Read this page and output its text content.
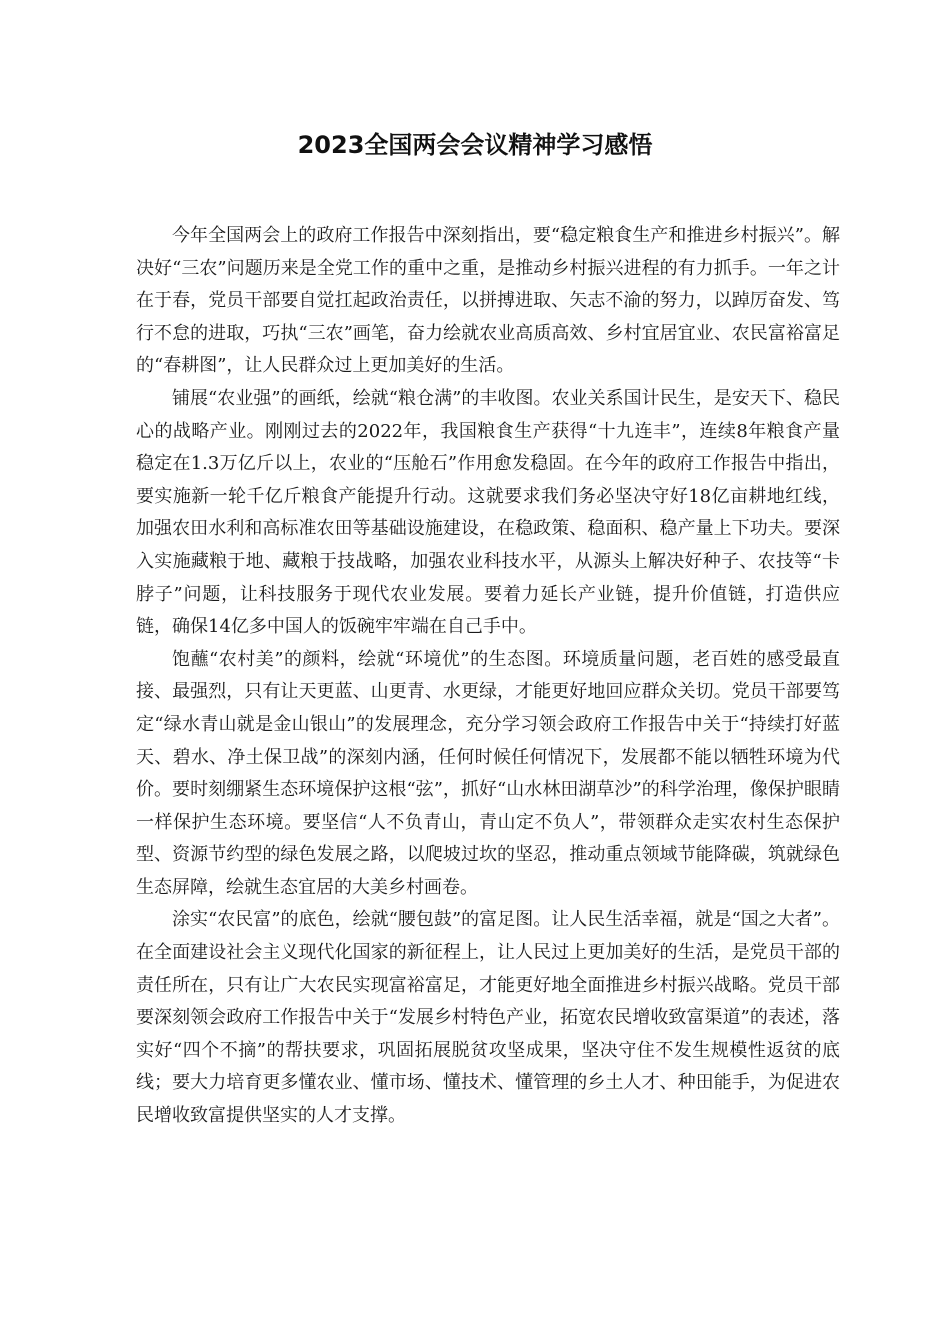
2023全国两会会议精神学习感悟

今年全国两会上的政府工作报告中深刻指出，要“稳定粮食生产和推进乡村振兴”。解决好“三农”问题历来是全党工作的重中之重，是推动乡村振兴进程的有力抓手。一年之计在于春，党员干部要自觉扛起政治责任，以拼搏进取、矢志不渝的努力，以踔厉奋发、笃行不怠的进取，巧执“三农”画笔，奋力绘就农业高质高效、乡村宜居宜业、农民富裕富足的“春耕图”，让人民群众过上更加美好的生活。

铺展“农业强”的画纸，绘就“粮仓满”的丰收图。农业关系国计民生，是安天下、稳民心的战略产业。刚刚过去的2022年，我国粮食生产获得“十九连丰”，连续8年粮食产量稳定在1.3万亿斤以上，农业的“压舱石”作用愈发稳固。在今年的政府工作报告中指出，要实施新一轮千亿斤粮食产能提升行动。这就要求我们务必坚决守好18亿亩耕地红线，加强农田水利和高标准农田等基础设施建设，在稳政策、稳面积、稳产量上下功夫。要深入实施藏粮于地、藏粮于技战略，加强农业科技水平，从源头上解决好种子、农技等“卡脖子”问题，让科技服务于现代农业发展。要着力延长产业链，提升价值链，打造供应链，确保14亿多中国人的饭碗牢牢端在自己手中。

饱蘸“农村美”的颜料，绘就“环境优”的生态图。环境质量问题，老百姓的感受最直接、最强烈，只有让天更蓝、山更青、水更绿，才能更好地回应群众关切。党员干部要笃定“绿水青山就是金山银山”的发展理念，充分学习领会政府工作报告中关于“持续打好蓝天、碧水、净土保卫战”的深刻内涵，任何时候任何情况下，发展都不能以牺牲环境为代价。要时刻绷紧生态环境保护这根“弦”，抓好“山水林田湖草沙”的科学治理，像保护眼睛一样保护生态环境。要坚信“人不负青山，青山定不负人”，带领群众走实农村生态保护型、资源节约型的绿色发展之路，以爬坡过坎的坚忍，推动重点领域节能降碳，筑就绿色生态屏障，绘就生态宜居的大美乡村画卷。

涂实“农民富”的底色，绘就“腰包鼓”的富足图。让人民生活幸福，就是“国之大者”。在全面建设社会主义现代化国家的新征程上，让人民过上更加美好的生活，是党员干部的责任所在，只有让广大农民实现富裕富足，才能更好地全面推进乡村振兴战略。党员干部要深刻领会政府工作报告中关于“发展乡村特色产业，拓宽农民增收致富渠道”的表述，落实好“四个不摘”的帮扶要求，巩固拓展脱贫攻坚成果，坚决守住不发生规模性返贫的底线；要大力培育更多懂农业、懂市场、懂技术、懂管理的乡土人才、种田能手，为促进农民增收致富提供坚实的人才支撑。
